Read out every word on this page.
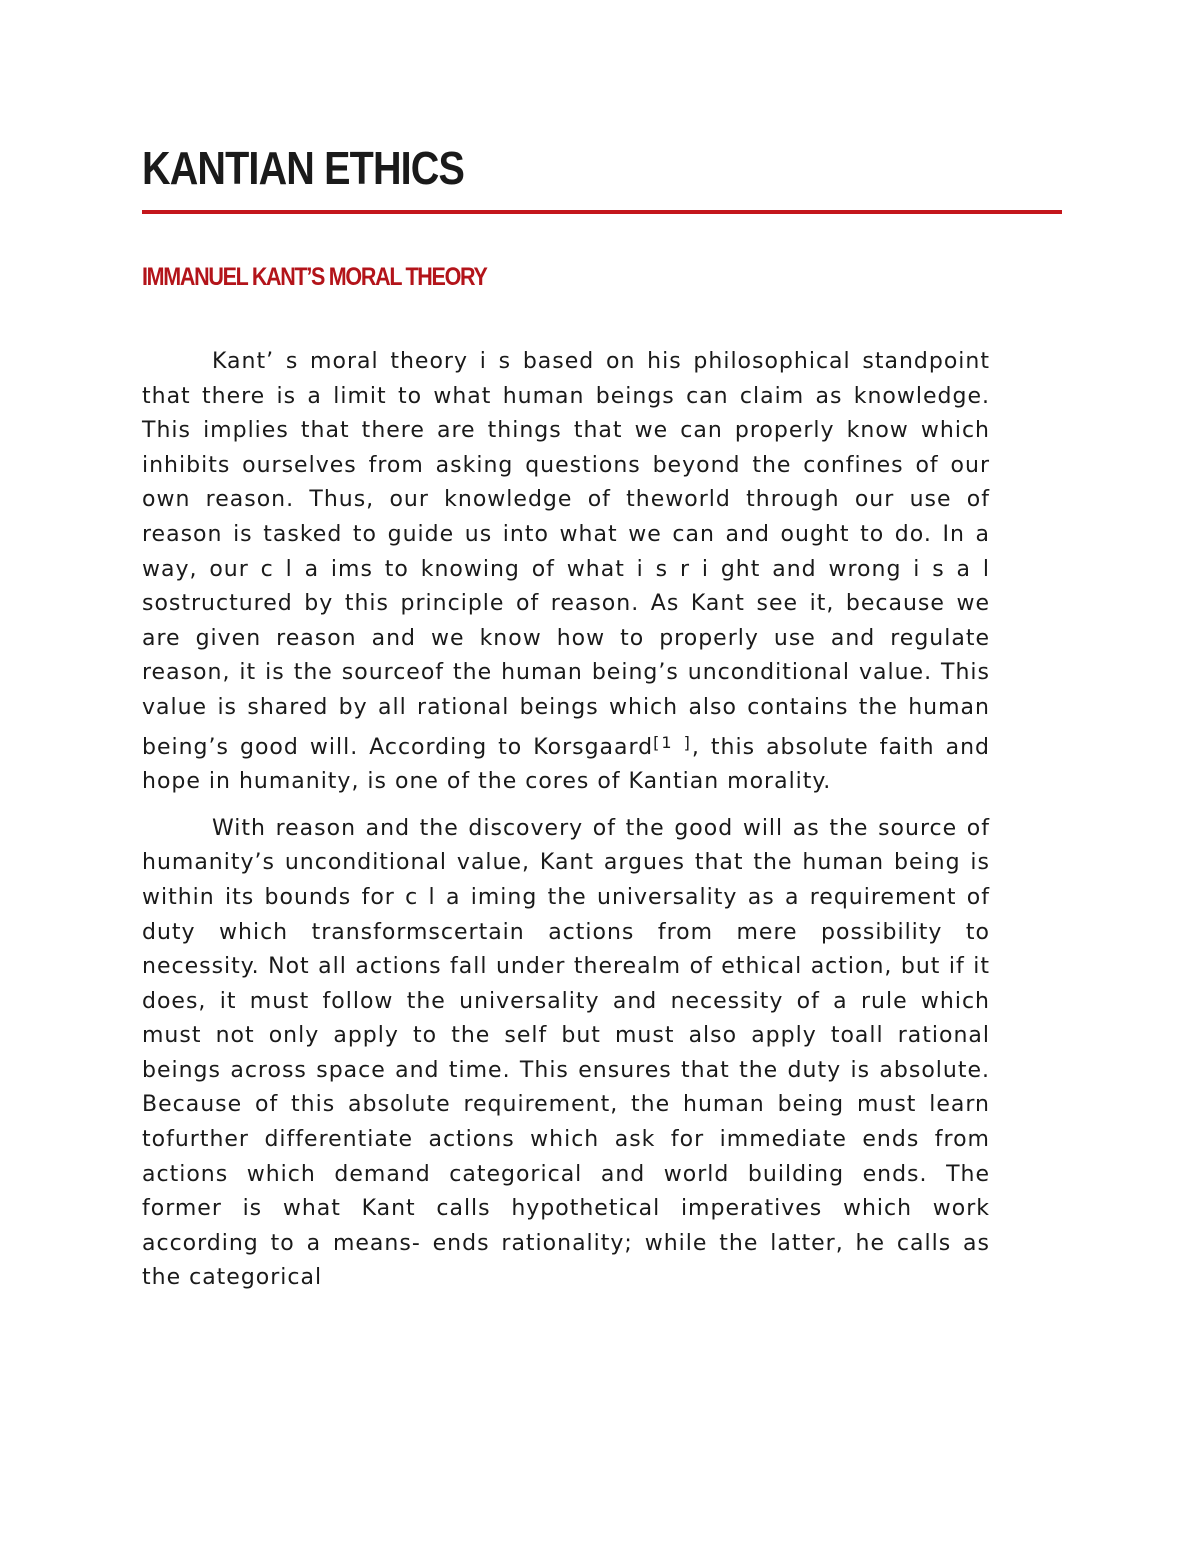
KANTIAN ETHICS
IMMANUEL KANT’S MORAL THEORY

Kant’ s moral theory i s based on his philosophical standpoint that there is a limit to what human beings can claim as knowledge. This implies that there are things that we can properly know which inhibits ourselves from asking questions beyond the confines of our own reason. Thus, our knowledge of theworld through our use of reason is tasked to guide us into what we can and ought to do. In a way, our c l a ims to knowing of what i s r i ght and wrong i s a l sostructured by this principle of reason. As Kant see it, because we are given reason and we know how to properly use and regulate reason, it is the sourceof the human being’s unconditional value. This value is shared by all rational beings which also contains the human being’s good will. According to Korsgaard[1 ], this absolute faith and hope in humanity, is one of the cores of Kantian morality.

With reason and the discovery of the good will as the source of humanity’s unconditional value, Kant argues that the human being is within its bounds for c l a iming the universality as a requirement of duty which transformscertain actions from mere possibility to necessity. Not all actions fall under therealm of ethical action, but if it does, it must follow the universality and necessity of a rule which must not only apply to the self but must also apply toall rational beings across space and time. This ensures that the duty is absolute. Because of this absolute requirement, the human being must learn tofurther differentiate actions which ask for immediate ends from actions which demand categorical and world building ends. The former is what Kant calls hypothetical imperatives which work according to a means- ends rationality; while the latter, he calls as the categorical
